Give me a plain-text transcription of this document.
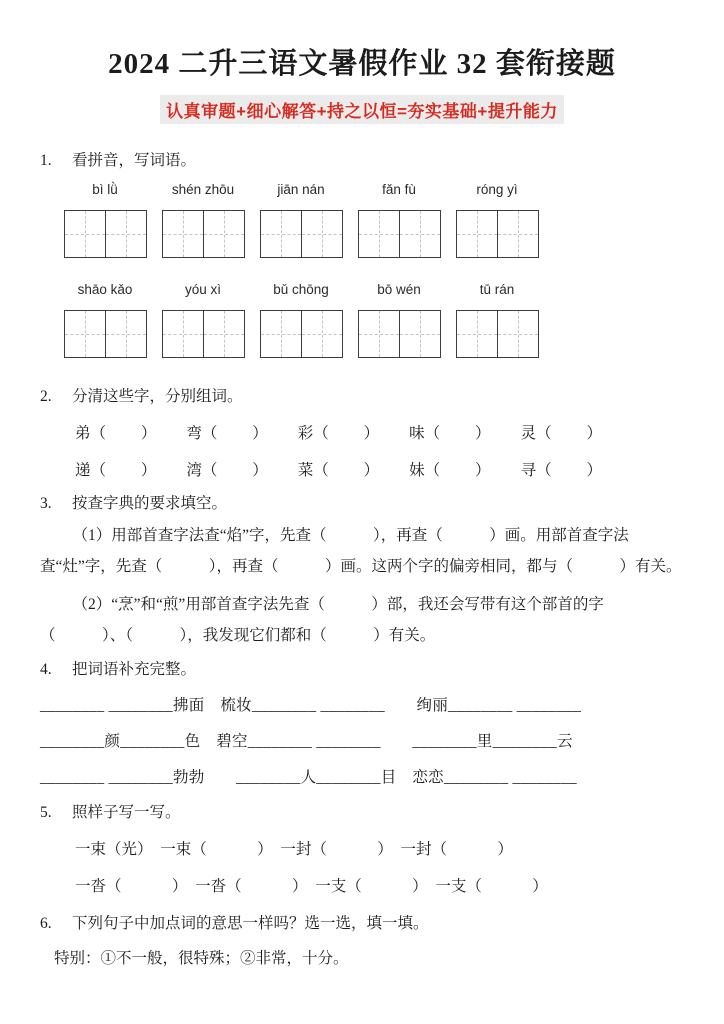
2024 二升三语文暑假作业 32 套衔接题
认真审题+细心解答+持之以恒=夯实基础+提升能力
1. 看拼音，写词语。
bì lǜ	shén zhōu	jiān nán	fǎn fù	róng yì
shāo kǎo	yóu xì	bǔ chōng	bō wén	tū rán
2. 分清这些字，分别组词。
弟（　　 ） 弯（　　 ） 彩（　　 ） 味（　　 ） 灵（　　 ）
递（　　 ） 湾（　　 ） 菜（　　 ） 妹（　　 ） 寻（　　 ）
3. 按查字典的要求填空。

（1）用部首查字法查“焰”字，先查（　　　），再查（　　　）画。用部首查字法查“灶”字，先查（　　　），再查（　　　）画。这两个字的偏旁相同，都与（　　　）有关。

（2）“烹”和“煎”用部首查字法先查（　　　）部，我还会写带有这个部首的字（　　　）、（　　　），我发现它们都和（　　　）有关。

4. 把词语补充完整。
________ ________拂面　梳妆________ ________　　绚丽________ ________
________颜________色　碧空________ ________　　________里________云
________ ________勃勃　　________人________目　恋恋________ ________
5. 照样子写一写。
一束（光）　一束（　　　 ）　一封（　　　 ）　一封（　　　 ）
一沓（　　　 ）　一沓（　　　 ）　一支（　　　 ）　一支（　　　 ）
6. 下列句子中加点词的意思一样吗？选一选，填一填。
特别：①不一般，很特殊；②非常，十分。
